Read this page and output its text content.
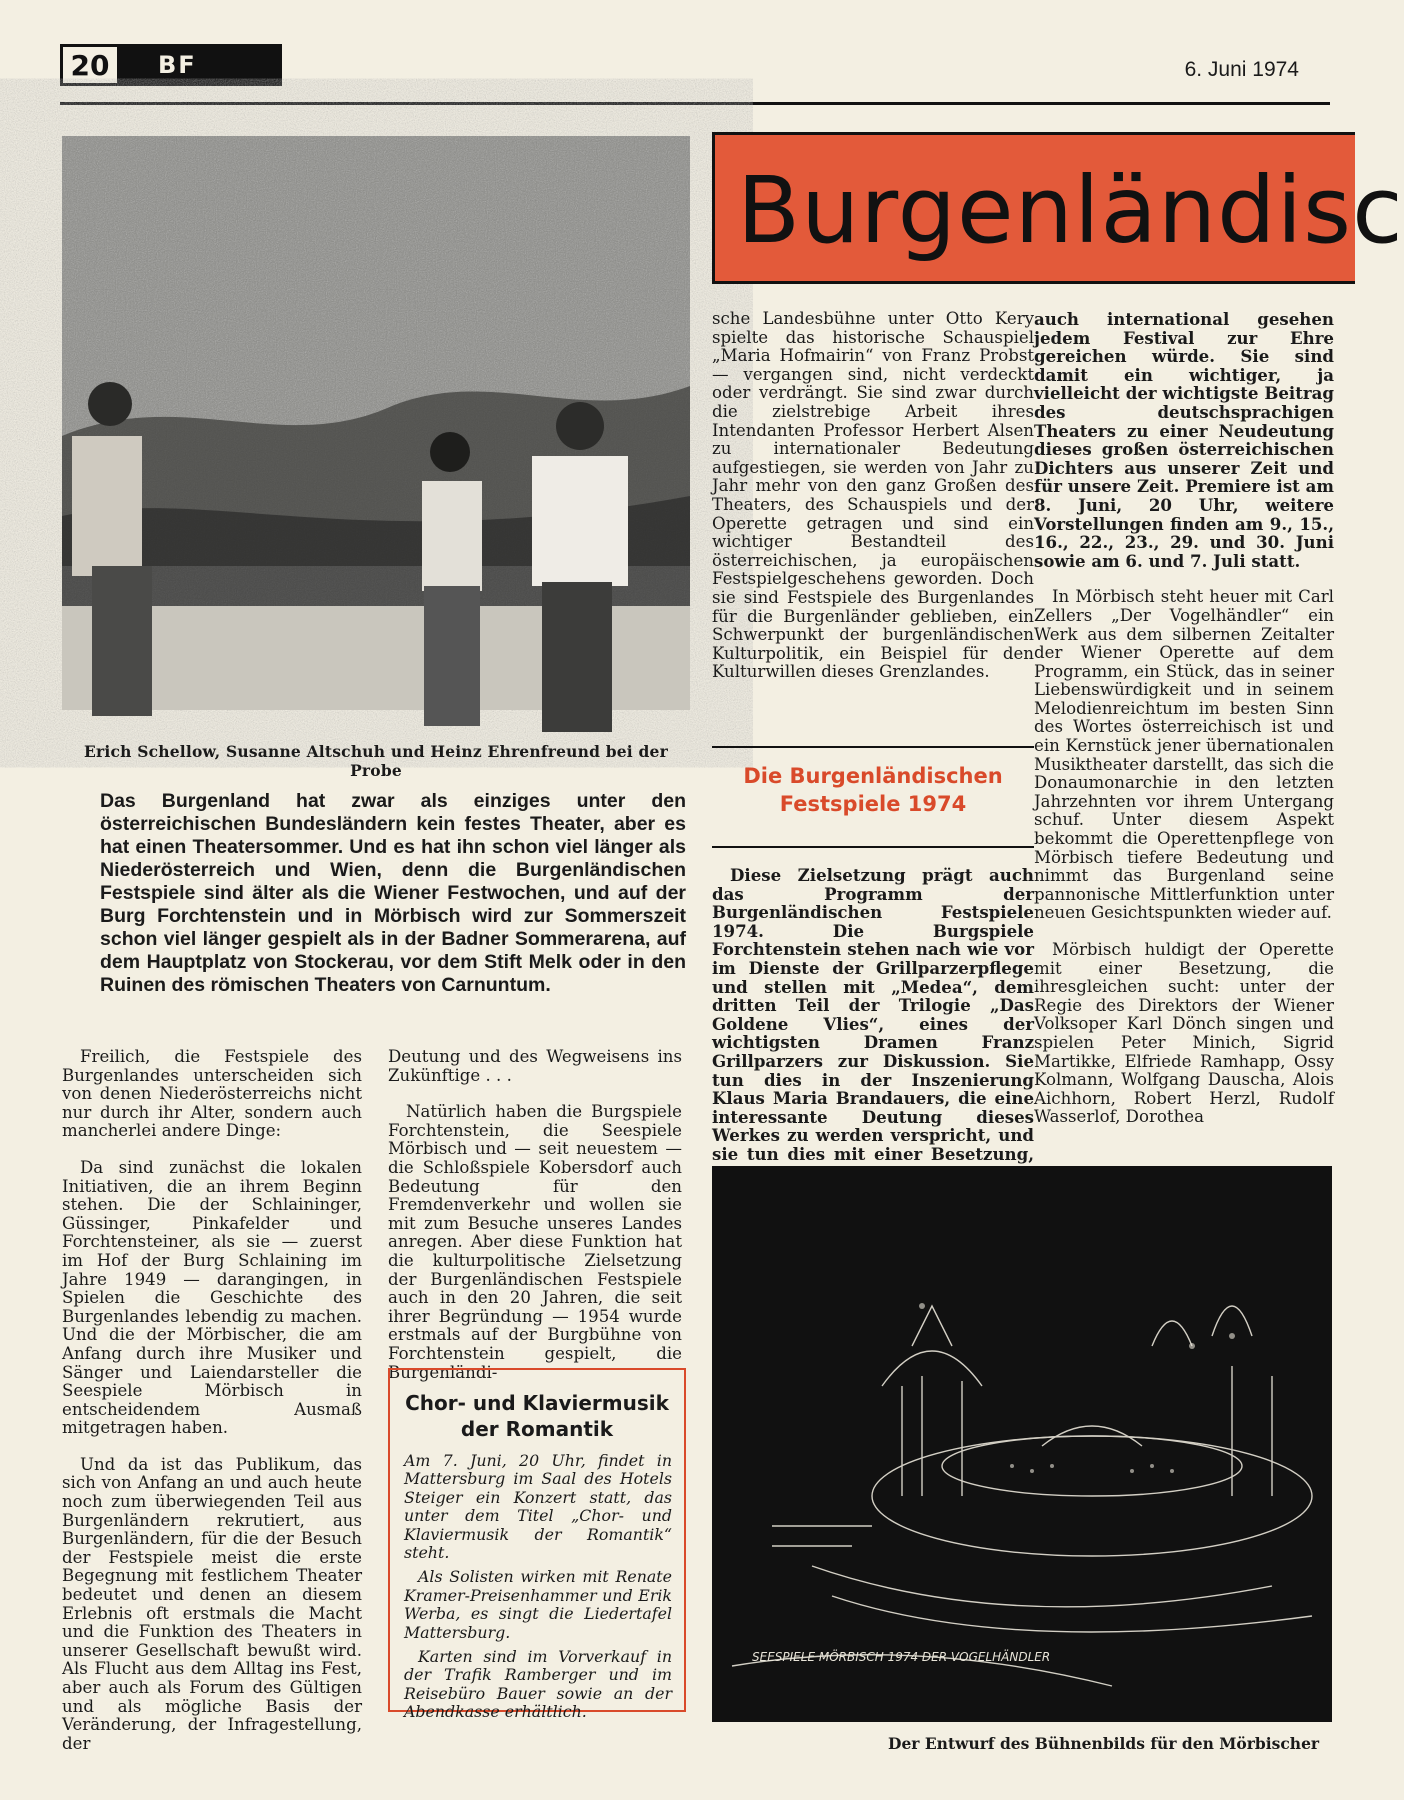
20	BF	6. Juni 1974
Erich Schellow, Susanne Altschuh und Heinz Ehrenfreund bei der Probe
Burgenländisc
Das Burgenland hat zwar als einziges unter den österreichischen Bundesländern kein festes Theater, aber es hat einen Theatersommer. Und es hat ihn schon viel länger als Niederösterreich und Wien, denn die Burgenländischen Festspiele sind älter als die Wiener Festwochen, und auf der Burg Forchtenstein und in Mörbisch wird zur Sommerszeit schon viel länger gespielt als in der Badner Sommerarena, auf dem Hauptplatz von Stockerau, vor dem Stift Melk oder in den Ruinen des römischen Theaters von Carnuntum.

Freilich, die Festspiele des Burgenlandes unterscheiden sich von denen Niederösterreichs nicht nur durch ihr Alter, sondern auch mancherlei andere Dinge:

Da sind zunächst die lokalen Initiativen, die an ihrem Beginn stehen. Die der Schlaininger, Güssinger, Pinkafelder und Forchtensteiner, als sie — zuerst im Hof der Burg Schlaining im Jahre 1949 — darangingen, in Spielen die Geschichte des Burgenlandes lebendig zu machen. Und die der Mörbischer, die am Anfang durch ihre Musiker und Sänger und Laiendarsteller die Seespiele Mörbisch in entscheidendem Ausmaß mitgetragen haben.

Und da ist das Publikum, das sich von Anfang an und auch heute noch zum überwiegenden Teil aus Burgenländern rekrutiert, aus Burgenländern, für die der Besuch der Festspiele meist die erste Begegnung mit festlichem Theater bedeutet und denen an diesem Erlebnis oft erstmals die Macht und die Funktion des Theaters in unserer Gesellschaft bewußt wird. Als Flucht aus dem Alltag ins Fest, aber auch als Forum des Gültigen und als mögliche Basis der Veränderung, der Infragestellung, der

Deutung und des Wegweisens ins Zukünftige . . .

Natürlich haben die Burgspiele Forchtenstein, die Seespiele Mörbisch und — seit neuestem — die Schloßspiele Kobersdorf auch Bedeutung für den Fremdenverkehr und wollen sie mit zum Besuche unseres Landes anregen. Aber diese Funktion hat die kulturpolitische Zielsetzung der Burgenländischen Festspiele auch in den 20 Jahren, die seit ihrer Begründung — 1954 wurde erstmals auf der Burgbühne von Forchtenstein gespielt, die Burgenländi-

Chor- und Klaviermusik der Romantik

Am 7. Juni, 20 Uhr, findet in Mattersburg im Saal des Hotels Steiger ein Konzert statt, das unter dem Titel „Chor- und Klaviermusik der Romantik“ steht.

Als Solisten wirken mit Renate Kramer-Preisenhammer und Erik Werba, es singt die Liedertafel Mattersburg.

Karten sind im Vorverkauf in der Trafik Ramberger und im Reisebüro Bauer sowie an der Abendkasse erhältlich.

sche Landesbühne unter Otto Kery spielte das historische Schauspiel „Maria Hofmairin“ von Franz Probst — vergangen sind, nicht verdeckt oder verdrängt. Sie sind zwar durch die zielstrebige Arbeit ihres Intendanten Professor Herbert Alsen zu internationaler Bedeutung aufgestiegen, sie werden von Jahr zu Jahr mehr von den ganz Großen des Theaters, des Schauspiels und der Operette getragen und sind ein wichtiger Bestandteil des österreichischen, ja europäischen Festspielgeschehens geworden. Doch sie sind Festspiele des Burgenlandes für die Burgenländer geblieben, ein Schwerpunkt der burgenländischen Kulturpolitik, ein Beispiel für den Kulturwillen dieses Grenzlandes.

Die Burgenländischen Festspiele 1974

Diese Zielsetzung prägt auch das Programm der Burgenländischen Festspiele 1974. Die Burgspiele Forchtenstein stehen nach wie vor im Dienste der Grillparzerpflege und stellen mit „Medea“, dem dritten Teil der Trilogie „Das Goldene Vlies“, eines der wichtigsten Dramen Franz Grillparzers zur Diskussion. Sie tun dies in der Inszenierung Klaus Maria Brandauers, die eine interessante Deutung dieses Werkes zu werden verspricht, und sie tun dies mit einer Besetzung,

auch international gesehen jedem Festival zur Ehre gereichen würde. Sie sind damit ein wichtiger, ja vielleicht der wichtigste Beitrag des deutschsprachigen Theaters zu einer Neudeutung dieses großen österreichischen Dichters aus unserer Zeit und für unsere Zeit. Premiere ist am 8. Juni, 20 Uhr, weitere Vorstellungen finden am 9., 15., 16., 22., 23., 29. und 30. Juni sowie am 6. und 7. Juli statt.

In Mörbisch steht heuer mit Carl Zellers „Der Vogelhändler“ ein Werk aus dem silbernen Zeitalter der Wiener Operette auf dem Programm, ein Stück, das in seiner Liebenswürdigkeit und in seinem Melodienreichtum im besten Sinn des Wortes österreichisch ist und ein Kernstück jener übernationalen Musiktheater darstellt, das sich die Donaumonarchie in den letzten Jahrzehnten vor ihrem Untergang schuf. Unter diesem Aspekt bekommt die Operettenpflege von Mörbisch tiefere Bedeutung und nimmt das Burgenland seine pannonische Mittlerfunktion unter neuen Gesichtspunkten wieder auf.

Mörbisch huldigt der Operette mit einer Besetzung, die ihresgleichen sucht: unter der Regie des Direktors der Wiener Volksoper Karl Dönch singen und spielen Peter Minich, Sigrid Martikke, Elfriede Ramhapp, Ossy Kolmann, Wolfgang Dauscha, Alois Aichhorn, Robert Herzl, Rudolf Wasserlof, Dorothea

SEESPIELE MÖRBISCH 1974 DER VOGELHÄNDLER
Der Entwurf des Bühnenbilds für den Mörbischer
